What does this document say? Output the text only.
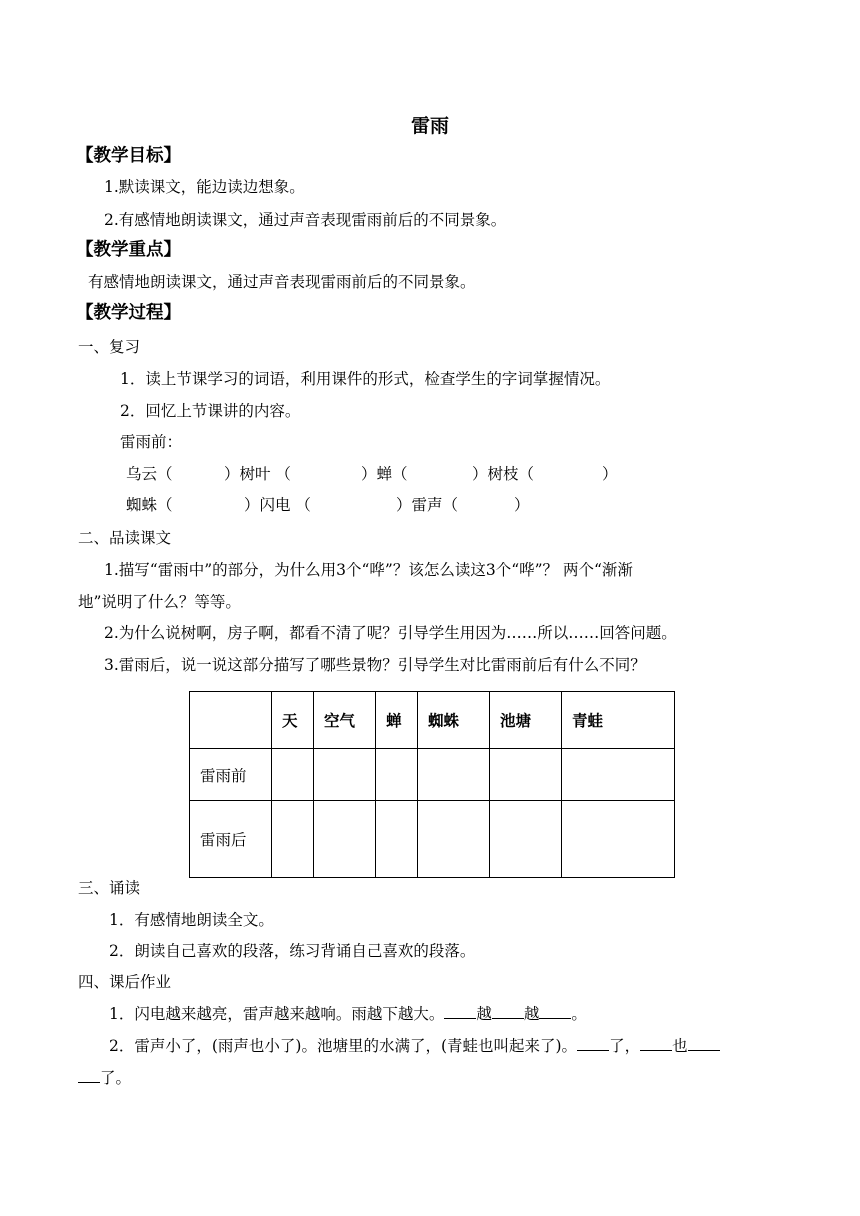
雷雨
【教学目标】
1.默读课文，能边读边想象。
2.有感情地朗读课文，通过声音表现雷雨前后的不同景象。
【教学重点】
有感情地朗读课文，通过声音表现雷雨前后的不同景象。
【教学过程】
一、复习
1．读上节课学习的词语，利用课件的形式，检查学生的字词掌握情况。
2．回忆上节课讲的内容。
雷雨前：
乌云（	）树叶 （	）蝉（	）树枝（	）
蜘蛛（	）闪电 （	）雷声（	）
二、品读课文
1.描写“雷雨中”的部分，为什么用3个“哗”？该怎么读这3个“哗”？ 两个“渐渐
地”说明了什么？等等。
2.为什么说树啊，房子啊，都看不清了呢？引导学生用因为……所以……回答问题。
3.雷雨后，说一说这部分描写了哪些景物？引导学生对比雷雨前后有什么不同？
	天	空气	蝉	蜘蛛	池塘	青蛙
雷雨前						
雷雨后						
三、诵读
1．有感情地朗读全文。
2．朗读自己喜欢的段落，练习背诵自己喜欢的段落。
四、课后作业
1．闪电越来越亮，雷声越来越响。雨越下越大。 越 越 。
2．雷声小了，(雨声也小了)。池塘里的水满了，(青蛙也叫起来了)。 了， 也
了。
